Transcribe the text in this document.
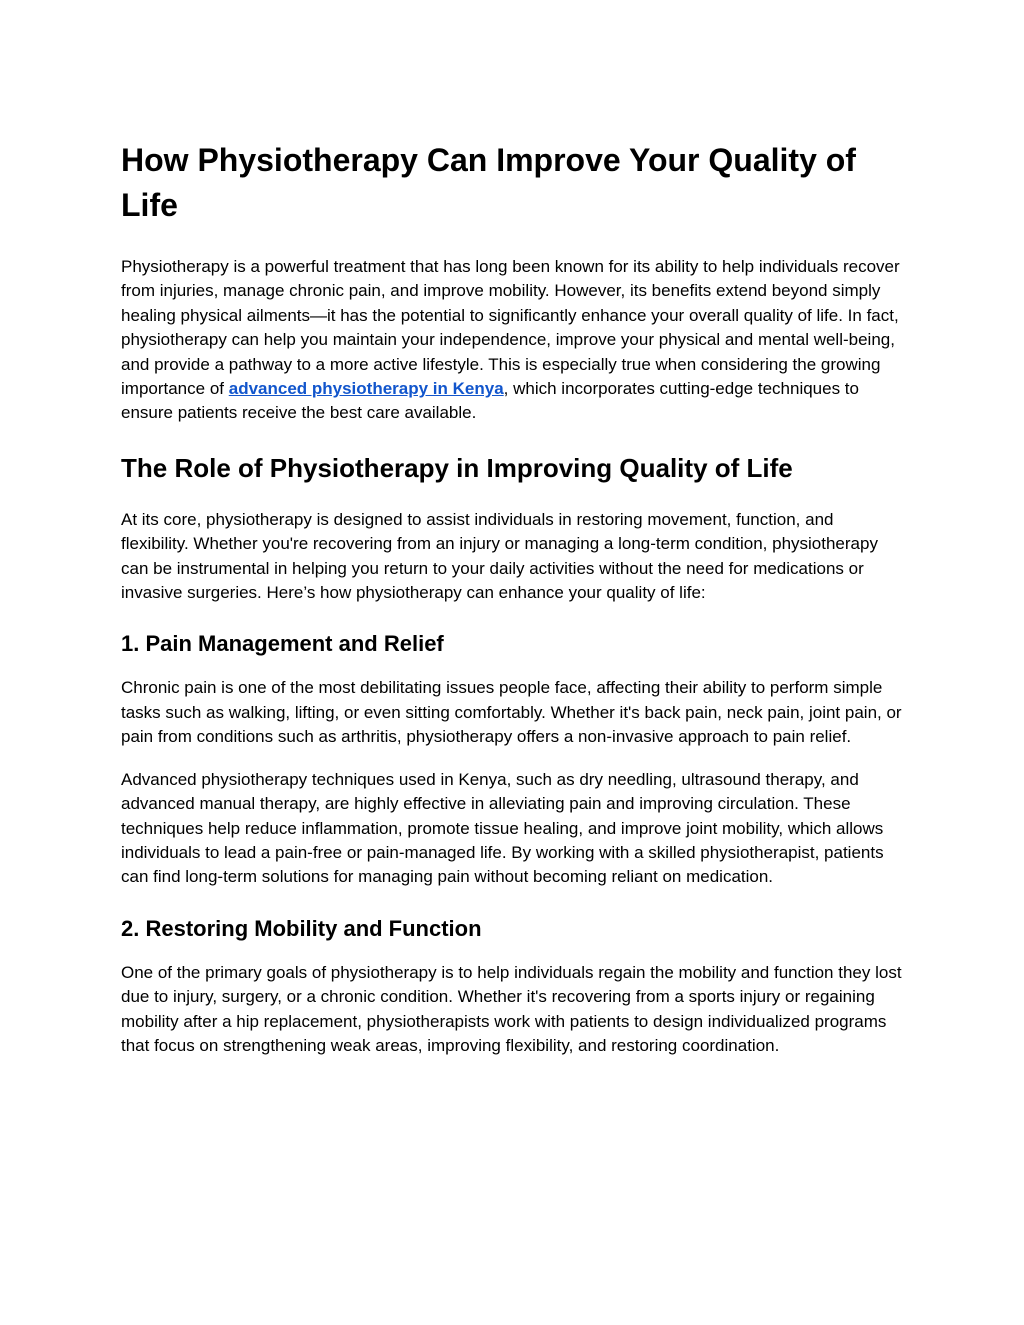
How Physiotherapy Can Improve Your Quality of Life

Physiotherapy is a powerful treatment that has long been known for its ability to help individuals recover from injuries, manage chronic pain, and improve mobility. However, its benefits extend beyond simply healing physical ailments—it has the potential to significantly enhance your overall quality of life. In fact, physiotherapy can help you maintain your independence, improve your physical and mental well-being, and provide a pathway to a more active lifestyle. This is especially true when considering the growing importance of advanced physiotherapy in Kenya, which incorporates cutting-edge techniques to ensure patients receive the best care available.

The Role of Physiotherapy in Improving Quality of Life

At its core, physiotherapy is designed to assist individuals in restoring movement, function, and flexibility. Whether you're recovering from an injury or managing a long-term condition, physiotherapy can be instrumental in helping you return to your daily activities without the need for medications or invasive surgeries. Here’s how physiotherapy can enhance your quality of life:

1. Pain Management and Relief

Chronic pain is one of the most debilitating issues people face, affecting their ability to perform simple tasks such as walking, lifting, or even sitting comfortably. Whether it's back pain, neck pain, joint pain, or pain from conditions such as arthritis, physiotherapy offers a non-invasive approach to pain relief.

Advanced physiotherapy techniques used in Kenya, such as dry needling, ultrasound therapy, and advanced manual therapy, are highly effective in alleviating pain and improving circulation. These techniques help reduce inflammation, promote tissue healing, and improve joint mobility, which allows individuals to lead a pain-free or pain-managed life. By working with a skilled physiotherapist, patients can find long-term solutions for managing pain without becoming reliant on medication.

2. Restoring Mobility and Function

One of the primary goals of physiotherapy is to help individuals regain the mobility and function they lost due to injury, surgery, or a chronic condition. Whether it's recovering from a sports injury or regaining mobility after a hip replacement, physiotherapists work with patients to design individualized programs that focus on strengthening weak areas, improving flexibility, and restoring coordination.
